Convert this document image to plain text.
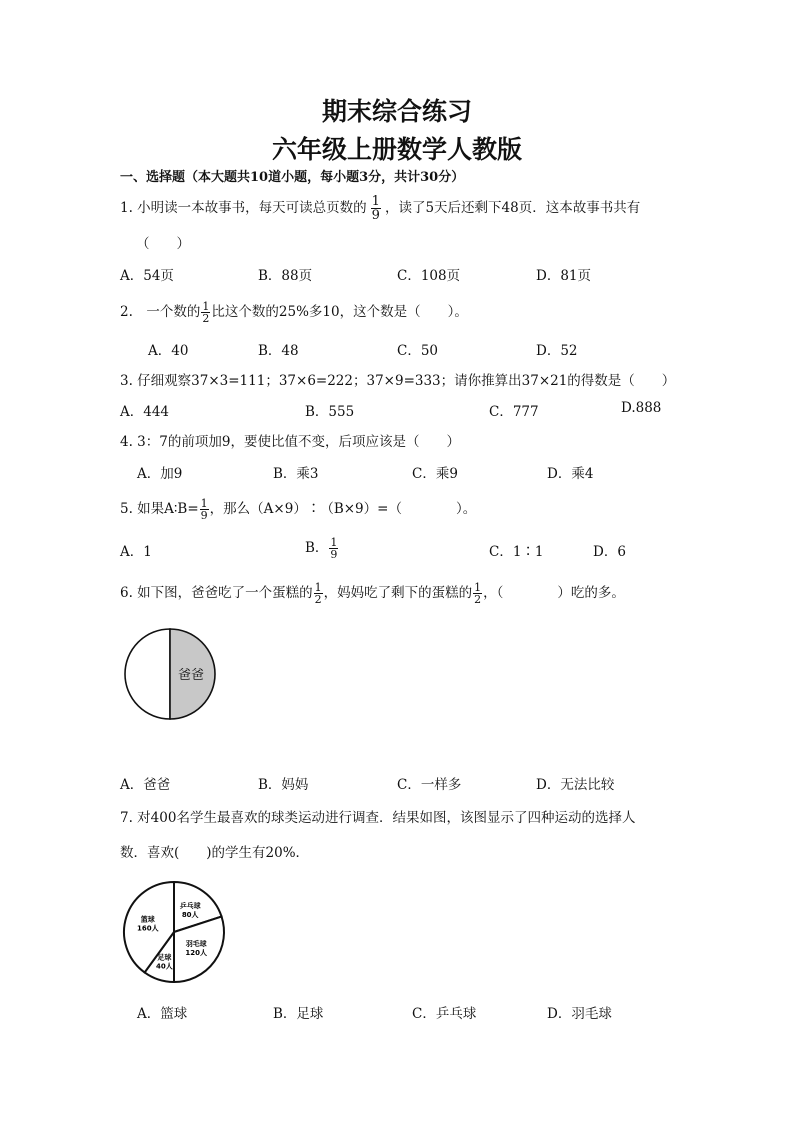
期末综合练习
六年级上册数学人教版
一、选择题（本大题共10道小题，每小题3分，共计30分）
1. 小明读一本故事书，每天可读总页数的 $\frac{1}{9}$ ，读了5天后还剩下48页．这本故事书共有
（　　）
A．54页	B．88页	C．108页	D．81页
2.　一个数的 $\frac{1}{2}$ 比这个数的25%多10，这个数是（　　）。
A．40	B．48	C．50	D．52
3. 仔细观察37×3=111；37×6=222；37×9=333；请你推算出37×21的得数是（　　）
A．444	B．555	C．777	D.888
4. 3：7的前项加9，要使比值不变，后项应该是（　　）
A．加9	B．乘3	C．乘9	D．乘4
5. 如果A∶B= $\frac{1}{9}$ ，那么（A×9）∶（B×9）=（　　　　）。
A．1	B． $\frac{1}{9}$	C．1∶1	D．6
6. 如下图，爸爸吃了一个蛋糕的 $\frac{1}{2}$ ，妈妈吃了剩下的蛋糕的 $\frac{1}{2}$ ，（　　　　）吃的多。
爸爸
A．爸爸	B．妈妈	C．一样多	D．无法比较
7. 对400名学生最喜欢的球类运动进行调查．结果如图，该图显示了四种运动的选择人
数．喜欢(　　)的学生有20%．
乒乓球
80人
羽毛球
120人
足球
40人
篮球
160人
A．篮球	B．足球	C．乒乓球	D．羽毛球
